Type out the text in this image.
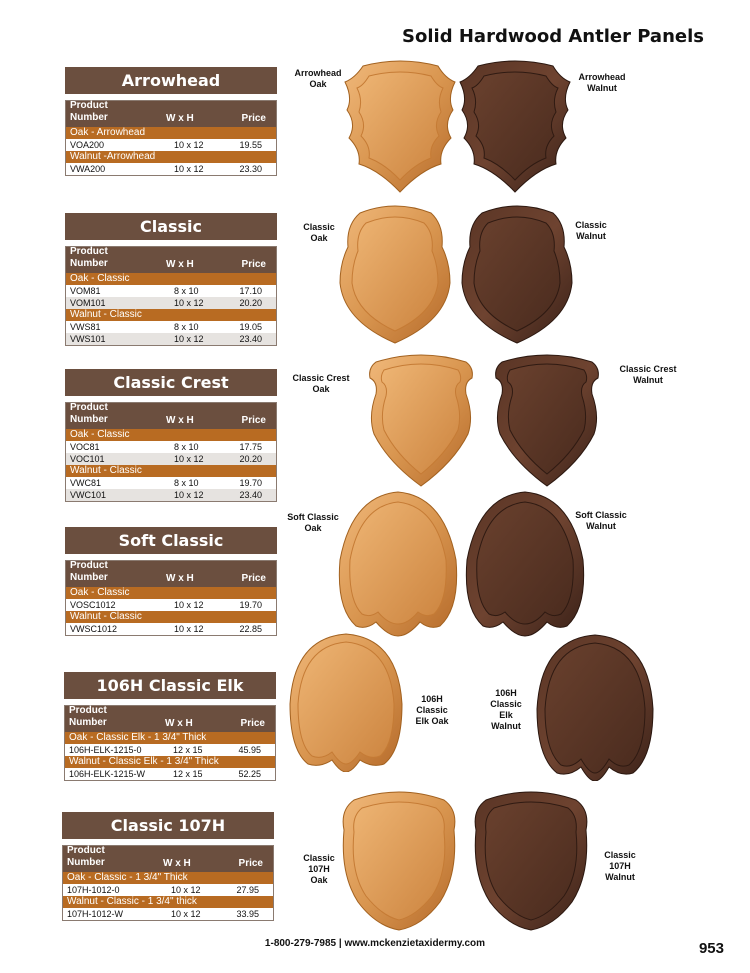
Solid Hardwood Antler Panels
Arrowhead
Product
Number	W x H	Price
Oak - Arrowhead
VOA200	10 x 12	19.55
Walnut -Arrowhead
VWA200	10 x 12	23.30
Classic
Product
Number	W x H	Price
Oak - Classic
VOM81	8 x 10	17.10
VOM101	10 x 12	20.20
Walnut - Classic
VWS81	8 x 10	19.05
VWS101	10 x 12	23.40
Classic Crest
Product
Number	W x H	Price
Oak - Classic
VOC81	8 x 10	17.75
VOC101	10 x 12	20.20
Walnut - Classic
VWC81	8 x 10	19.70
VWC101	10 x 12	23.40
Soft Classic
Product
Number	W x H	Price
Oak - Classic
VOSC1012	10 x 12	19.70
Walnut - Classic
VWSC1012	10 x 12	22.85
106H Classic Elk
Product
Number	W x H	Price
Oak - Classic Elk - 1 3/4" Thick
106H-ELK-1215-0	12 x 15	45.95
Walnut - Classic Elk - 1 3/4" Thick
106H-ELK-1215-W	12 x 15	52.25
Classic 107H
Product
Number	W x H	Price
Oak - Classic - 1 3/4" Thick
107H-1012-0	10 x 12	27.95
Walnut - Classic - 1 3/4" thick
107H-1012-W	10 x 12	33.95
Arrowhead Oak
Arrowhead Walnut
Classic Oak
Classic Walnut
Classic Crest Oak
Classic Crest Walnut
Soft Classic Oak
Soft Classic Walnut
106H Classic Elk Oak
106H Classic Elk Walnut
Classic 107H Oak
Classic 107H Walnut
1-800-279-7985 | www.mckenzietaxidermy.com	953
